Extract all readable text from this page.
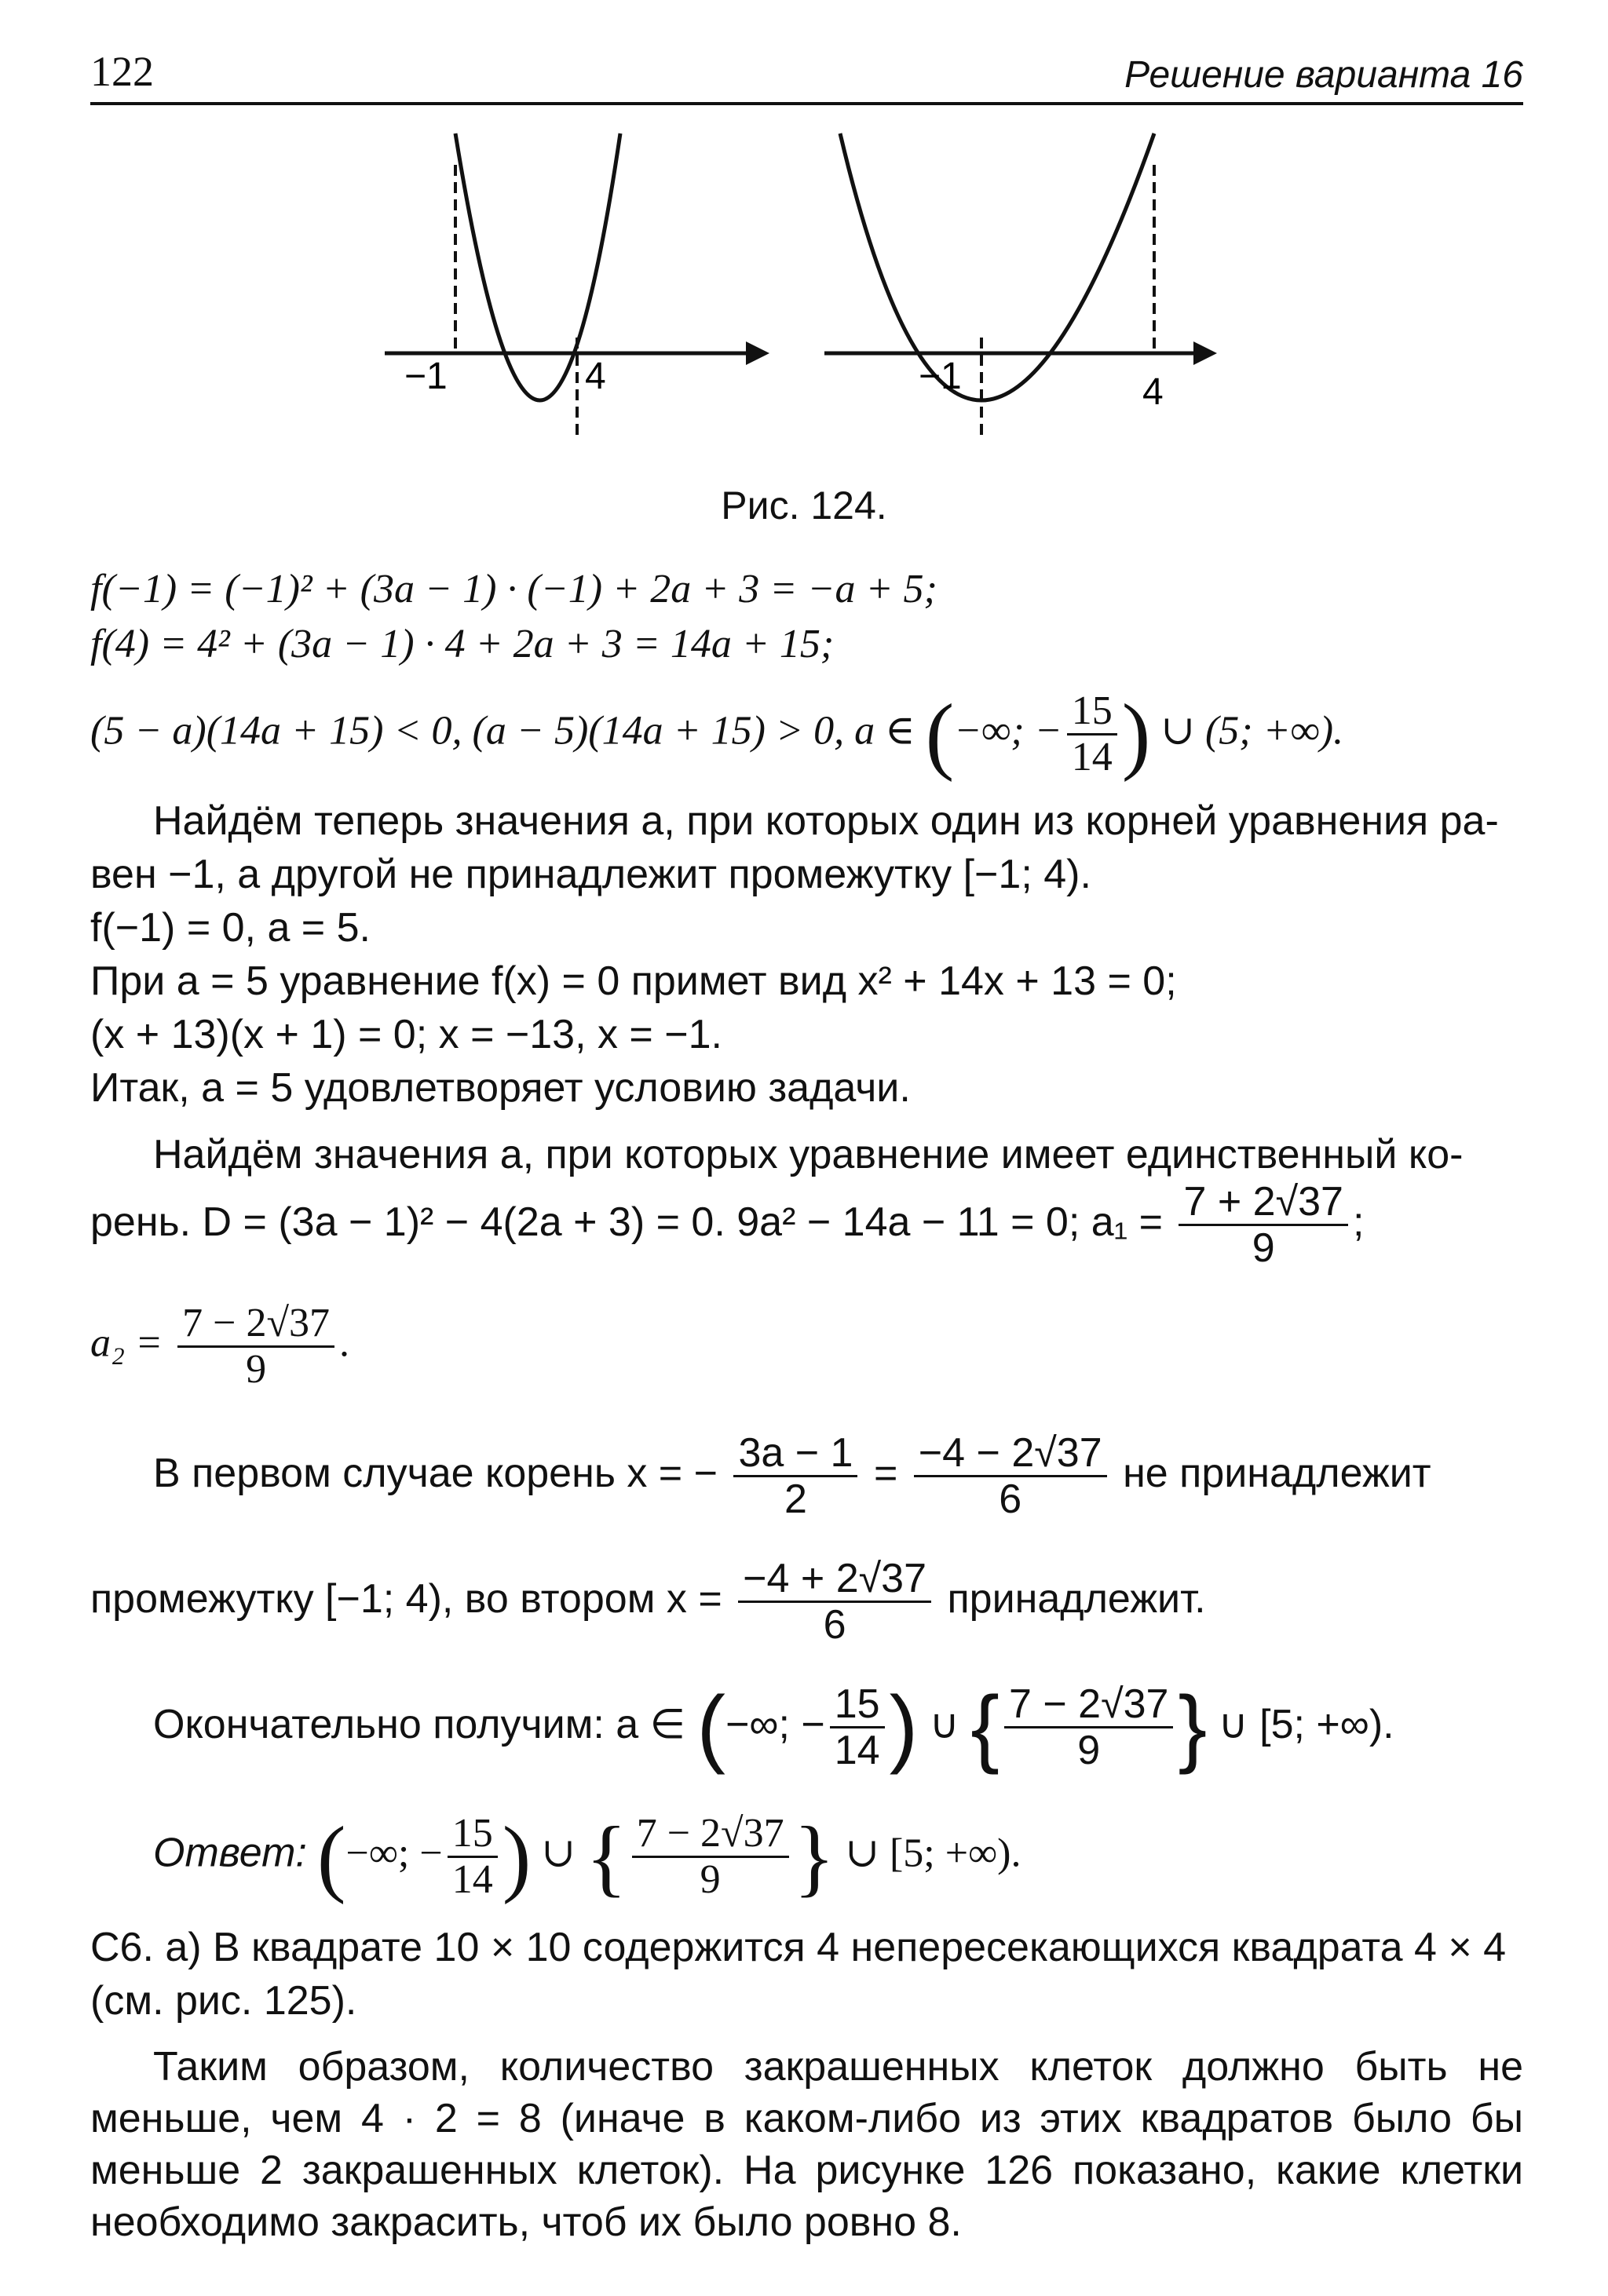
122	Решение варианта 16
−1	4	−1	4
Рис. 124.
f(−1) = (−1)² + (3a − 1) · (−1) + 2a + 3 = −a + 5;
f(4) = 4² + (3a − 1) · 4 + 2a + 3 = 14a + 15;
(5 − a)(14a + 15) < 0, (a − 5)(14a + 15) > 0, a ∈ (−∞; − $\frac{15}{14}$ ) ∪ (5; +∞).
Найдём теперь значения a, при которых один из корней уравнения ра-
вен −1, а другой не принадлежит промежутку [−1; 4).
f(−1) = 0, a = 5.
При a = 5 уравнение f(x) = 0 примет вид x² + 14x + 13 = 0;
(x + 13)(x + 1) = 0; x = −13, x = −1.
Итак, a = 5 удовлетворяет условию задачи.
Найдём значения a, при которых уравнение имеет единственный ко-
рень. D = (3a − 1)² − 4(2a + 3) = 0. 9a² − 14a − 11 = 0; $a_1 = \frac{7 + 2√37}{9}$ ;
$a_2 = \frac{7 - 2√37}{9}$ .
В первом случае корень x = − $\frac{3a - 1}{2} = \frac{-4 - 2√37}{6}$ не принадлежит
промежутку [−1; 4), во втором $x = \frac{-4 + 2√37}{6}$ принадлежит.
Окончательно получим: a ∈ (−∞; − $\frac{15}{14}$ ) ∪ { $\frac{7 - 2√37}{9}$ } ∪ [5; +∞).
Ответ: (−∞; − $\frac{15}{14}$ ) ∪ { $\frac{7 - 2√37}{9}$ } ∪ [5; +∞).
С6. а) В квадрате 10 × 10 содержится 4 непересекающихся квадрата 4 × 4
(см. рис. 125).
Таким образом, количество закрашенных клеток должно быть не меньше, чем 4 · 2 = 8 (иначе в каком-либо из этих квадратов было бы меньше 2 закрашенных клеток). На рисунке 126 показано, какие клетки необходимо закрасить, чтоб их было ровно 8.
